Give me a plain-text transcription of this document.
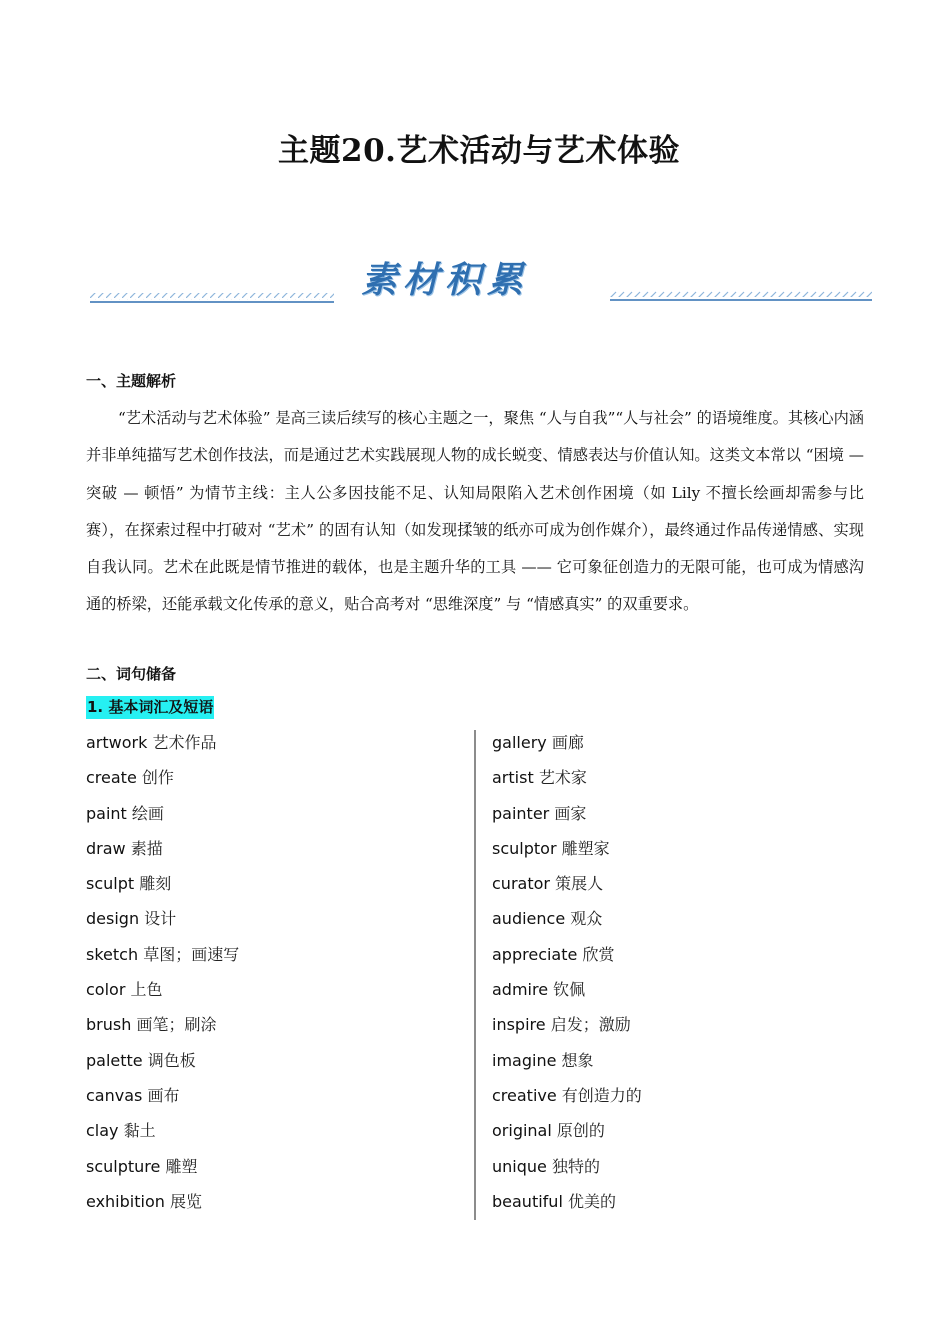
主题20.艺术活动与艺术体验
素材积累
一、主题解析

“艺术活动与艺术体验” 是高三读后续写的核心主题之一，聚焦 “人与自我”“人与社会” 的语境维度。其核心内涵并非单纯描写艺术创作技法，而是通过艺术实践展现人物的成长蜕变、情感表达与价值认知。这类文本常以 “困境 — 突破 — 顿悟” 为情节主线：主人公多因技能不足、认知局限陷入艺术创作困境（如 Lily 不擅长绘画却需参与比赛），在探索过程中打破对 “艺术” 的固有认知（如发现揉皱的纸亦可成为创作媒介），最终通过作品传递情感、实现自我认同。艺术在此既是情节推进的载体，也是主题升华的工具 —— 它可象征创造力的无限可能，也可成为情感沟通的桥梁，还能承载文化传承的意义，贴合高考对 “思维深度” 与 “情感真实” 的双重要求。

二、词句储备
1. 基本词汇及短语
artwork 艺术作品
create 创作
paint 绘画
draw 素描
sculpt 雕刻
design 设计
sketch 草图；画速写
color 上色
brush 画笔；刷涂
palette 调色板
canvas 画布
clay 黏土
sculpture 雕塑
exhibition 展览
gallery 画廊
artist 艺术家
painter 画家
sculptor 雕塑家
curator 策展人
audience 观众
appreciate 欣赏
admire 钦佩
inspire 启发；激励
imagine 想象
creative 有创造力的
original 原创的
unique 独特的
beautiful 优美的
